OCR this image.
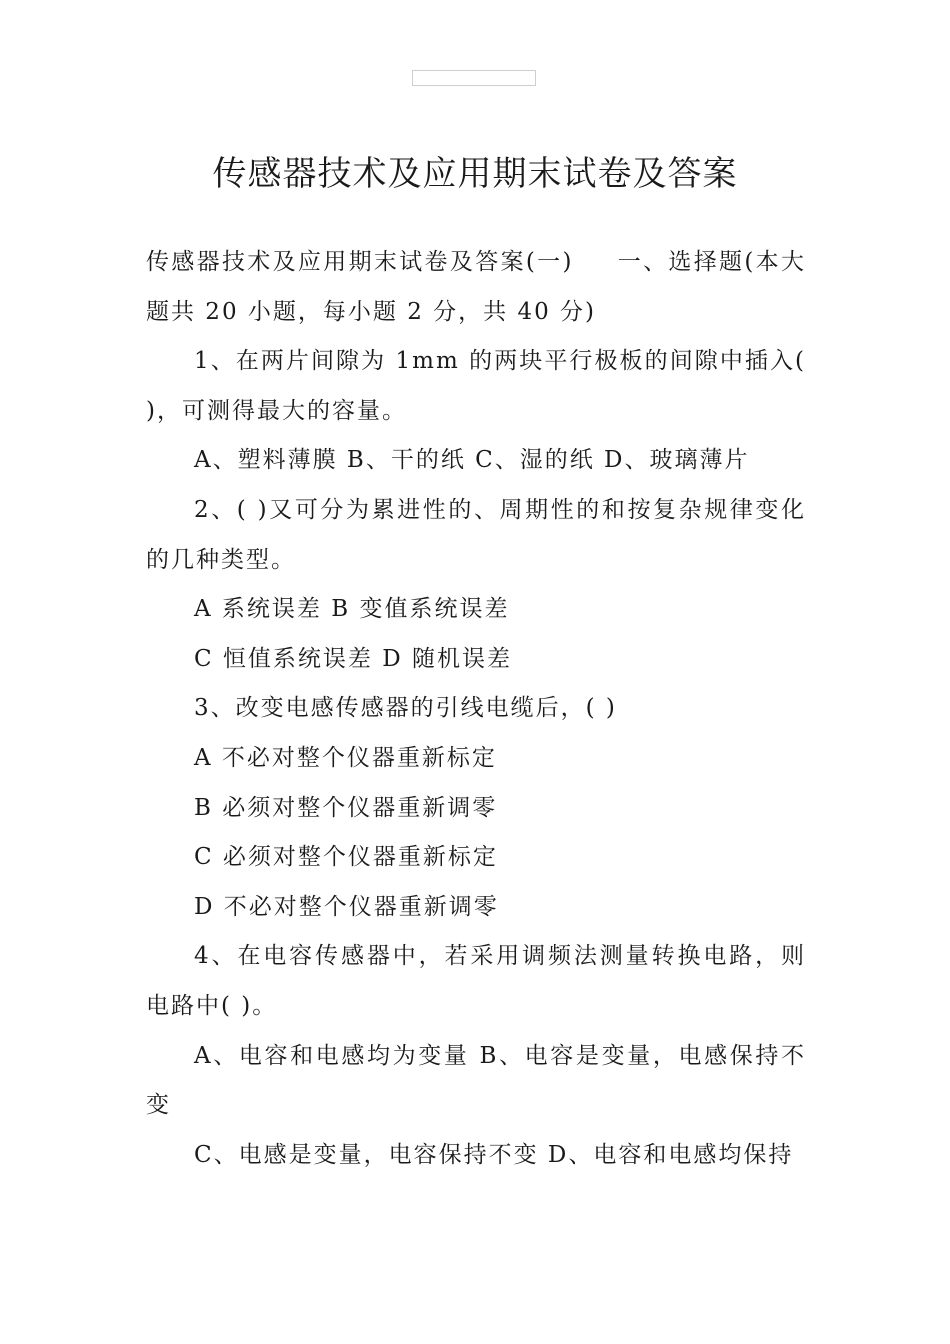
传感器技术及应用期末试卷及答案

传感器技术及应用期末试卷及答案(一) 一、选择题(本大题共 20 小题，每小题 2 分，共 40 分)

1、在两片间隙为 1mm 的两块平行极板的间隙中插入( )，可测得最大的容量。

A、塑料薄膜 B、干的纸 C、湿的纸 D、玻璃薄片

2、( )又可分为累进性的、周期性的和按复杂规律变化的几种类型。

A 系统误差 B 变值系统误差

C 恒值系统误差 D 随机误差

3、改变电感传感器的引线电缆后，( )

A 不必对整个仪器重新标定

B 必须对整个仪器重新调零

C 必须对整个仪器重新标定

D 不必对整个仪器重新调零

4、在电容传感器中，若采用调频法测量转换电路，则电路中( )。

A、电容和电感均为变量 B、电容是变量，电感保持不变

C、电感是变量，电容保持不变 D、电容和电感均保持
